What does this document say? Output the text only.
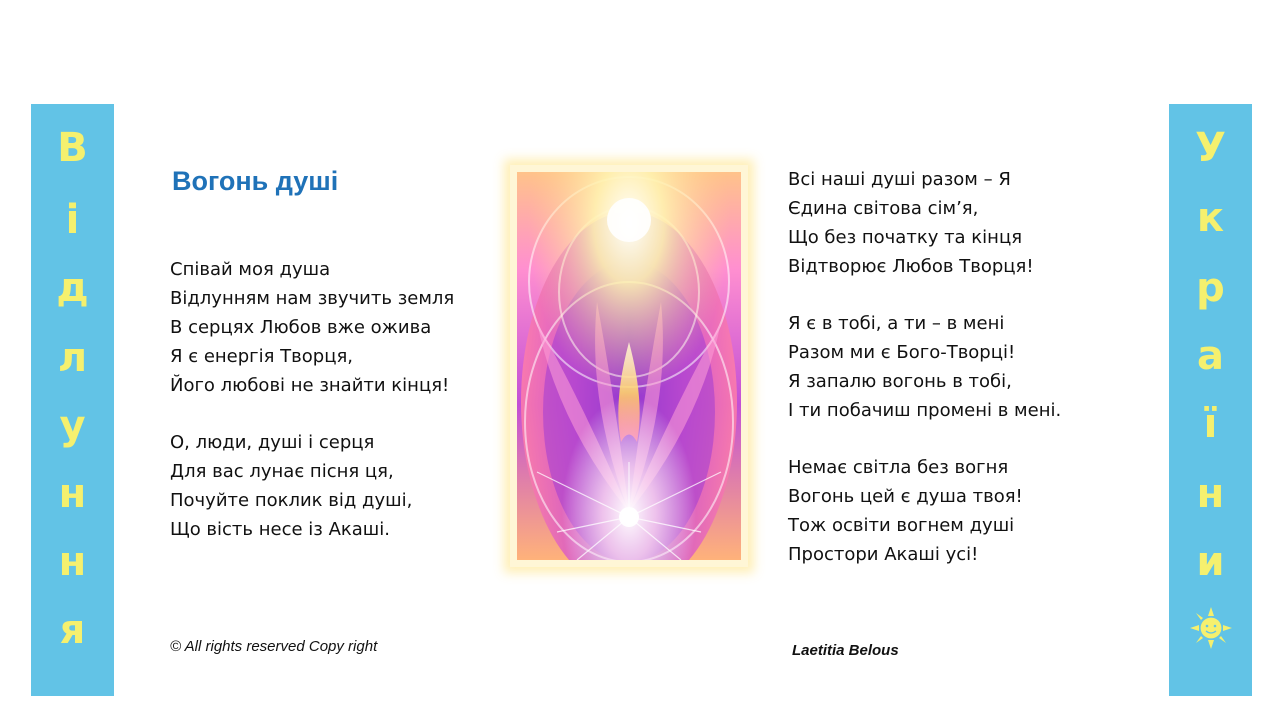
В
і
д
л
у
н
н
я
У
к
р
а
ї
н
и
Вогонь душі
Співай моя душа
Відлунням нам звучить земля
В серцях Любов вже ожива
Я є енергія Творця,
Його любові не знайти кінця!
О, люди, душі і серця
Для вас лунає пісня ця,
Почуйте поклик від душі,
Що вість несе із Акаші.
Всі наші душі разом – Я
Єдина світова сім’я,
Що без початку та кінця
Відтворює Любов Творця!
Я є в тобі, а ти – в мені
Разом ми є Бого-Творці!
Я запалю вогонь в тобі,
І ти побачиш промені в мені.
Немає світла без вогня
Вогонь цей є душа твоя!
Тож освіти вогнем душі
Простори Акаші усі!
© All rights reserved Copy right	Laetitia Belous
